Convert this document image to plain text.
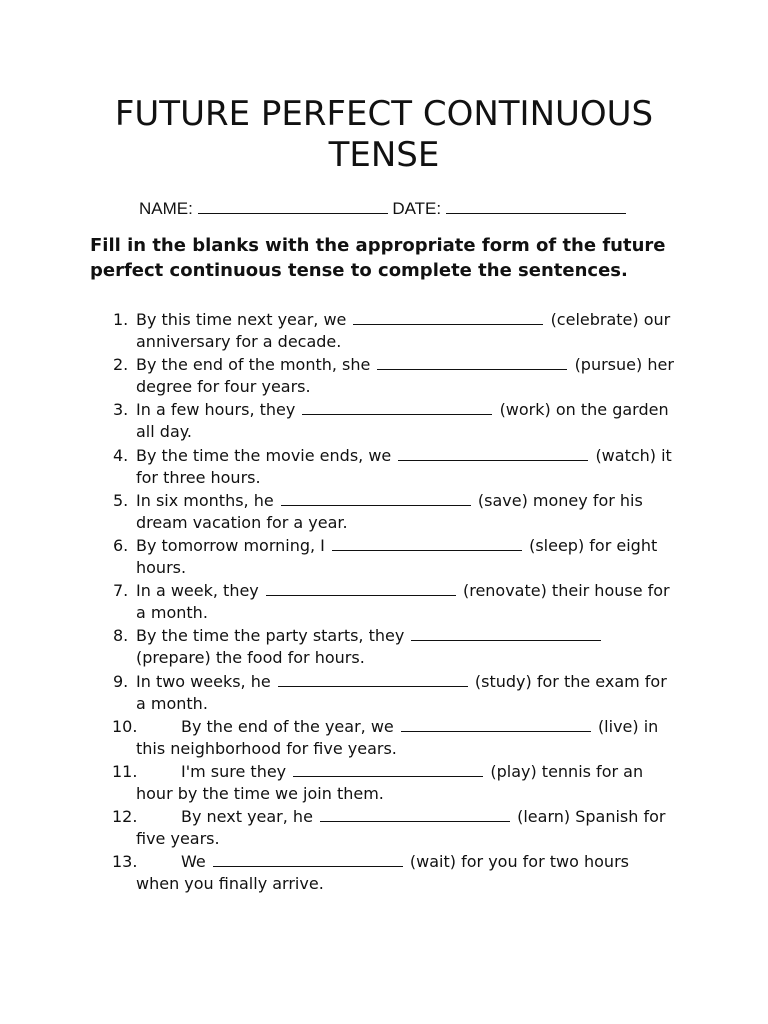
FUTURE PERFECT CONTINUOUS TENSE
NAME:	DATE:

Fill in the blanks with the appropriate form of the future perfect continuous tense to complete the sentences.

1. By this time next year, we	(celebrate) our anniversary for a decade.
2. By the end of the month, she	(pursue) her degree for four years.
3. In a few hours, they	(work) on the garden all day.
4. By the time the movie ends, we	(watch) it for three hours.
5. In six months, he	(save) money for his dream vacation for a year.
6. By tomorrow morning, I	(sleep) for eight hours.
7. In a week, they	(renovate) their house for a month.
8. By the time the party starts, they  (prepare) the food for hours.
9. In two weeks, he	(study) for the exam for a month.
10.	By the end of the year, we	(live) in this neighborhood for five years.
11.	I'm sure they	(play) tennis for an hour by the time we join them.
12.	By next year, he	(learn) Spanish for five years.
13.	We	(wait) for you for two hours when you finally arrive.
